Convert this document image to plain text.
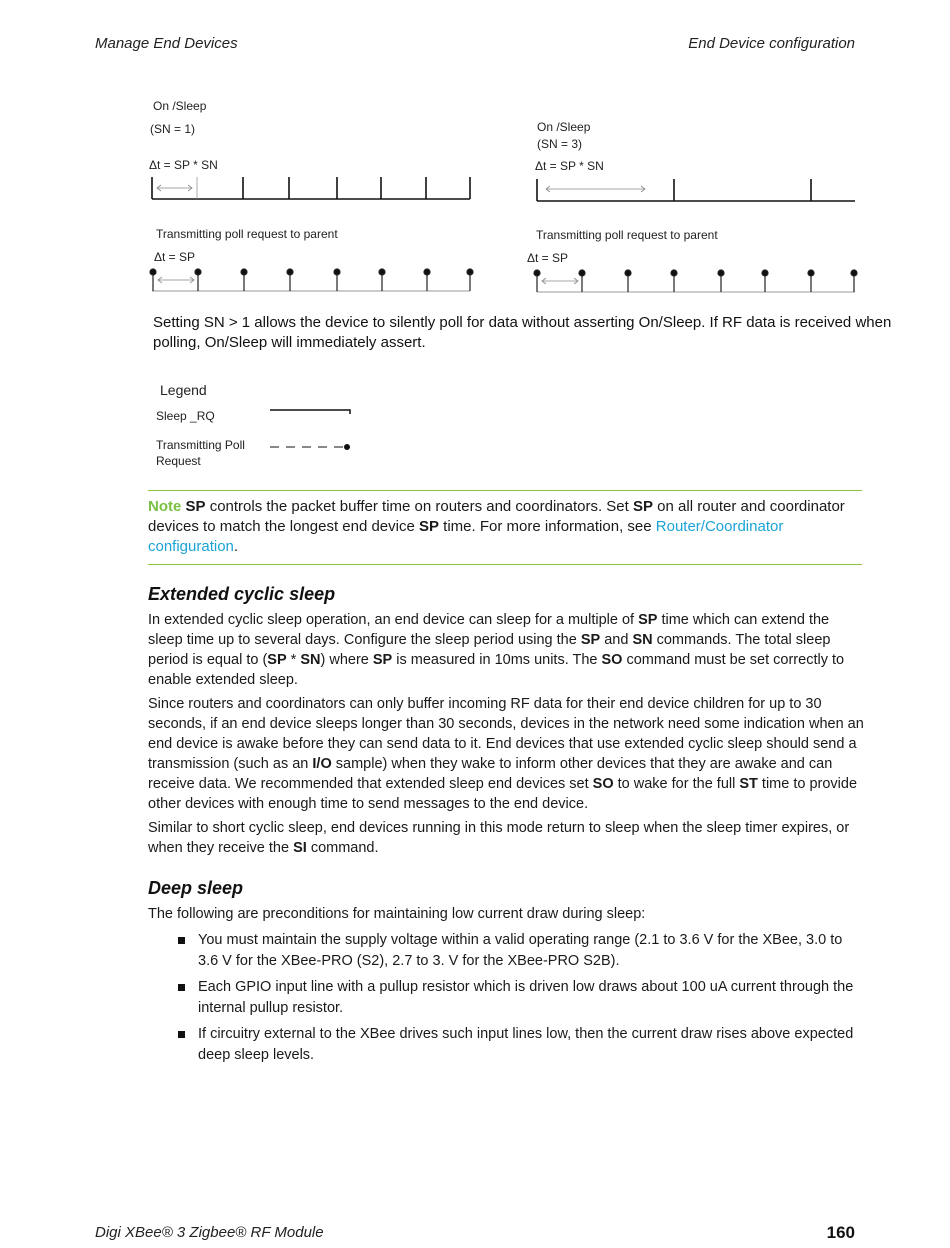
Manage End Devices	End Device configuration
On /Sleep
(SN = 1)
Δt = SP * SN
Transmitting poll request to parent
Δt = SP
On /Sleep
(SN = 3)
Δt = SP * SN
Transmitting poll request to parent
Δt = SP
Legend
Sleep _RQ
Transmitting Poll
Request
Setting SN > 1 allows the device to silently poll for data without asserting On/Sleep. If RF data is received when polling, On/Sleep will immediately assert.
Note SP controls the packet buffer time on routers and coordinators. Set SP on all router and coordinator devices to match the longest end device SP time. For more information, see Router/Coordinator configuration.
Extended cyclic sleep

In extended cyclic sleep operation, an end device can sleep for a multiple of SP time which can extend the sleep time up to several days. Configure the sleep period using the SP and SN commands. The total sleep period is equal to (SP * SN) where SP is measured in 10ms units. The SO command must be set correctly to enable extended sleep.

Since routers and coordinators can only buffer incoming RF data for their end device children for up to 30 seconds, if an end device sleeps longer than 30 seconds, devices in the network need some indication when an end device is awake before they can send data to it. End devices that use extended cyclic sleep should send a transmission (such as an I/O sample) when they wake to inform other devices that they are awake and can receive data. We recommended that extended sleep end devices set SO to wake for the full ST time to provide other devices with enough time to send messages to the end device.

Similar to short cyclic sleep, end devices running in this mode return to sleep when the sleep timer expires, or when they receive the SI command.

Deep sleep

The following are preconditions for maintaining low current draw during sleep:

You must maintain the supply voltage within a valid operating range (2.1 to 3.6 V for the XBee, 3.0 to 3.6 V for the XBee-PRO (S2), 2.7 to 3. V for the XBee-PRO S2B).
Each GPIO input line with a pullup resistor which is driven low draws about 100 uA current through the internal pullup resistor.
If circuitry external to the XBee drives such input lines low, then the current draw rises above expected deep sleep levels.
Digi XBee® 3 Zigbee® RF Module	160
